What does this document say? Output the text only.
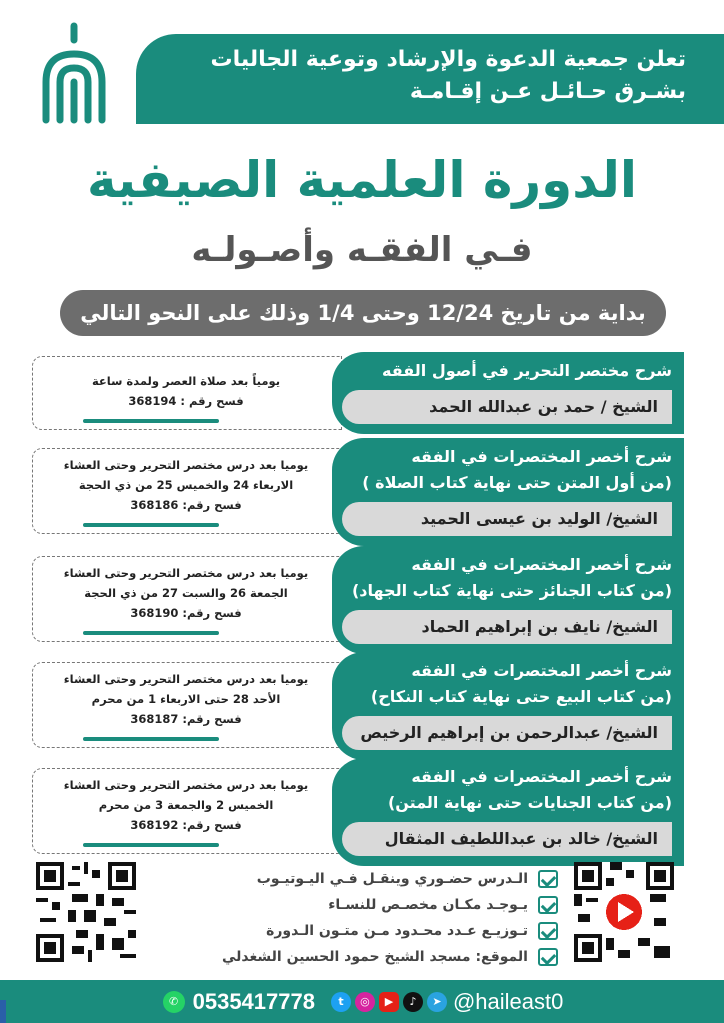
تعلن جمعية الدعوة والإرشاد وتوعية الجاليات
بشـرق حـائـل عـن إقـامـة
الدورة العلمية الصيفية
فـي الفقـه وأصـولـه
بداية من تاريخ 12/24 وحتى 1/4 وذلك على النحو التالي

يومياً بعد صلاة العصر ولمدة ساعة

فسح رقم : 368194

شرح مختصر التحرير في أصول الفقه
الشيخ / حمد بن عبدالله الحمد

يوميا بعد درس مختصر التحرير وحتى العشاء

الاربعاء 24 والخميس 25 من ذي الحجة

فسح رقم: 368186

شرح أخصر المختصرات في الفقه
(من أول المتن حتى نهاية كتاب الصلاة )
الشيخ/ الوليد بن عيسى الحميد

يوميا بعد درس مختصر التحرير وحتى العشاء

الجمعة 26 والسبت 27 من ذي الحجة

فسح رقم: 368190

شرح أخصر المختصرات في الفقه
(من كتاب الجنائز حتى نهاية كتاب الجهاد)
الشيخ/ نايف بن إبراهيم الحماد

يوميا بعد درس مختصر التحرير وحتى العشاء

الأحد 28 حتى الاربعاء 1 من محرم

فسح رقم: 368187

شرح أخصر المختصرات في الفقه
(من كتاب البيع حتى نهاية كتاب النكاح)
الشيخ/ عبدالرحمن بن إبراهيم الرخيص

يوميا بعد درس مختصر التحرير وحتى العشاء

الخميس 2 والجمعة 3 من محرم

فسح رقم: 368192

شرح أخصر المختصرات في الفقه
(من كتاب الجنايات حتى نهاية المتن)
الشيخ/ خالد بن عبداللطيف المثقال
الـدرس حضـوري وينقـل فـي اليـوتيـوب
يـوجـد مكـان مخصـص للنسـاء
تـوزيـع عـدد محـدود مـن متـون الـدورة
الموقع: مسجد الشيخ حمود الحسين الشغدلي
✆ 0535417778	t	◎	▶	♪	➤ @haileast0
